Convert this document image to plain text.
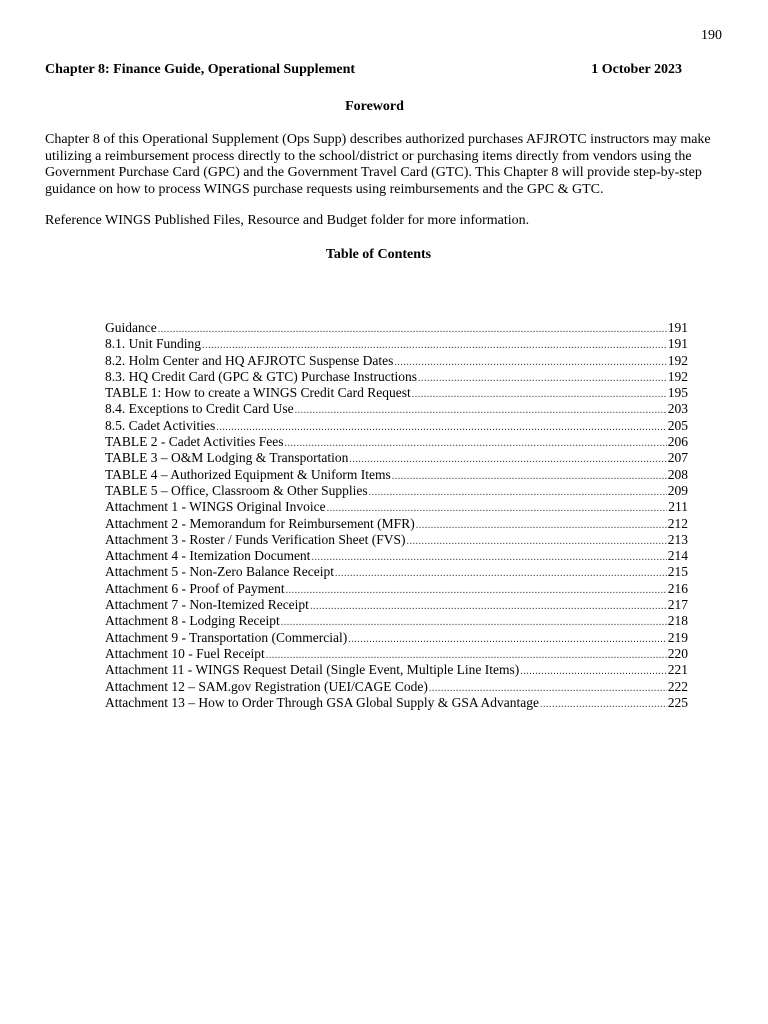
190
Chapter 8: Finance Guide, Operational Supplement	1 October 2023
Foreword

Chapter 8 of this Operational Supplement (Ops Supp) describes authorized purchases AFJROTC instructors may make utilizing a reimbursement process directly to the school/district or purchasing items directly from vendors using the Government Purchase Card (GPC) and the Government Travel Card (GTC). This Chapter 8 will provide step-by-step guidance on how to process WINGS purchase requests using reimbursements and the GPC & GTC.

Reference WINGS Published Files, Resource and Budget folder for more information.

Table of Contents
Guidance .....	191
8.1. Unit Funding .....	191
8.2. Holm Center and HQ AFJROTC Suspense Dates .....	192
8.3. HQ Credit Card (GPC & GTC) Purchase Instructions .....	192
TABLE 1: How to create a WINGS Credit Card Request .....	195
8.4. Exceptions to Credit Card Use .....	203
8.5. Cadet Activities .....	205
TABLE 2 - Cadet Activities Fees .....	206
TABLE 3 – O&M Lodging & Transportation .....	207
TABLE 4 – Authorized Equipment & Uniform Items .....	208
TABLE 5 – Office, Classroom & Other Supplies .....	209
Attachment 1 - WINGS Original Invoice .....	211
Attachment 2 - Memorandum for Reimbursement (MFR) .....	212
Attachment 3 - Roster / Funds Verification Sheet (FVS) .....	213
Attachment 4 - Itemization Document .....	214
Attachment 5 - Non-Zero Balance Receipt .....	215
Attachment 6 - Proof of Payment .....	216
Attachment 7 - Non-Itemized Receipt .....	217
Attachment 8 - Lodging Receipt .....	218
Attachment 9 - Transportation (Commercial) .....	219
Attachment 10 - Fuel Receipt .....	220
Attachment 11 - WINGS Request Detail (Single Event, Multiple Line Items) .....	221
Attachment 12 – SAM.gov Registration (UEI/CAGE Code) .....	222
Attachment 13 – How to Order Through GSA Global Supply & GSA Advantage .....	225
